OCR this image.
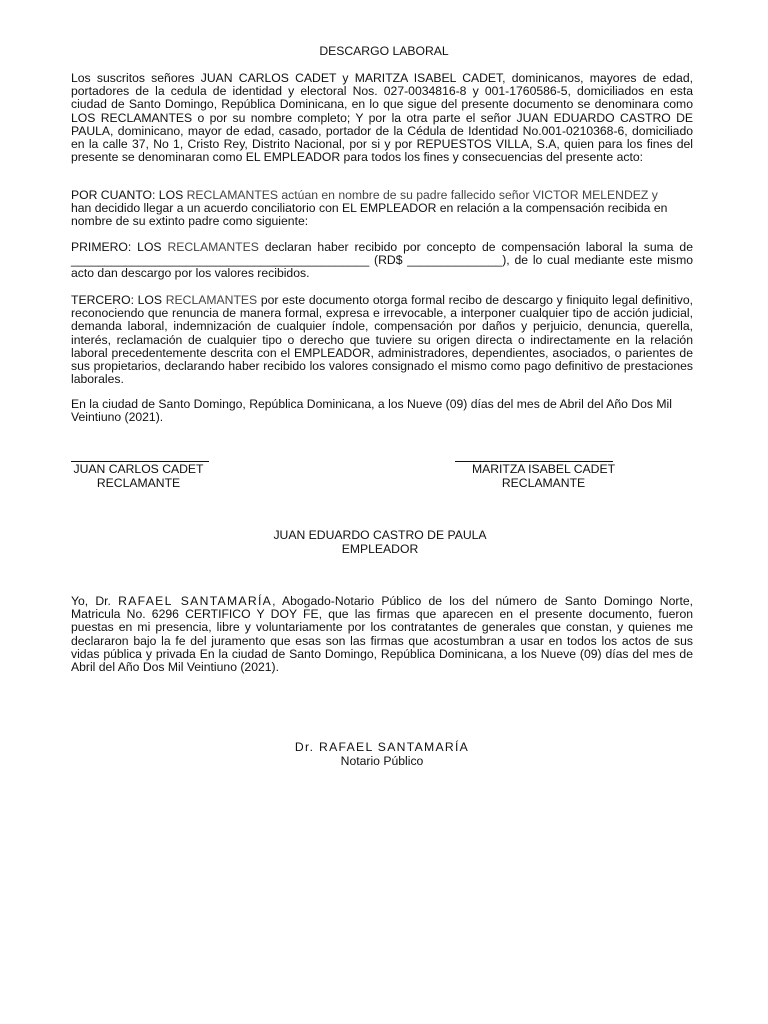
DESCARGO LABORAL

Los suscritos señores JUAN CARLOS CADET y MARITZA ISABEL CADET, dominicanos, mayores de edad, portadores de la cedula de identidad y electoral Nos. 027-0034816-8 y 001-1760586-5, domiciliados en esta ciudad de Santo Domingo, República Dominicana, en lo que sigue del presente documento se denominara como LOS RECLAMANTES o por su nombre completo; Y por la otra parte el señor JUAN EDUARDO CASTRO DE PAULA, dominicano, mayor de edad, casado, portador de la Cédula de Identidad No.001-0210368-6, domiciliado en la calle 37, No 1, Cristo Rey, Distrito Nacional, por si y por REPUESTOS VILLA, S.A, quien para los fines del presente se denominaran como EL EMPLEADOR para todos los fines y consecuencias del presente acto:

POR CUANTO: LOS RECLAMANTES actúan en nombre de su padre fallecido señor VICTOR MELENDEZ y
han decidido llegar a un acuerdo conciliatorio con EL EMPLEADOR en relación a la compensación recibida en nombre de su extinto padre como siguiente:

PRIMERO: LOS RECLAMANTES declaran haber recibido por concepto de compensación laboral la suma de ____________________________________________ (RD$ ______________), de lo cual mediante este mismo acto dan descargo por los valores recibidos.

TERCERO: LOS RECLAMANTES por este documento otorga formal recibo de descargo y finiquito legal definitivo, reconociendo que renuncia de manera formal, expresa e irrevocable, a interponer cualquier tipo de acción judicial, demanda laboral, indemnización de cualquier índole, compensación por daños y perjuicio, denuncia, querella, interés, reclamación de cualquier tipo o derecho que tuviere su origen directa o indirectamente en la relación laboral precedentemente descrita con el EMPLEADOR, administradores, dependientes, asociados, o parientes de sus propietarios, declarando haber recibido los valores consignado el mismo como pago definitivo de prestaciones laborales.

En la ciudad de Santo Domingo, República Dominicana, a los Nueve (09) días del mes de Abril del Año Dos Mil Veintiuno (2021).

JUAN CARLOS CADET
RECLAMANTE
MARITZA ISABEL CADET
RECLAMANTE
JUAN EDUARDO CASTRO DE PAULA
EMPLEADOR

Yo, Dr. RAFAEL SANTAMARÍA, Abogado-Notario Público de los del número de Santo Domingo Norte, Matricula No. 6296 CERTIFICO Y DOY FE, que las firmas que aparecen en el presente documento, fueron puestas en mi presencia, libre y voluntariamente por los contratantes de generales que constan, y quienes me declararon bajo la fe del juramento que esas son las firmas que acostumbran a usar en todos los actos de sus vidas pública y privada En la ciudad de Santo Domingo, República Dominicana, a los Nueve (09) días del mes de Abril del Año Dos Mil Veintiuno (2021).

Dr. RAFAEL SANTAMARÍA
Notario Público
